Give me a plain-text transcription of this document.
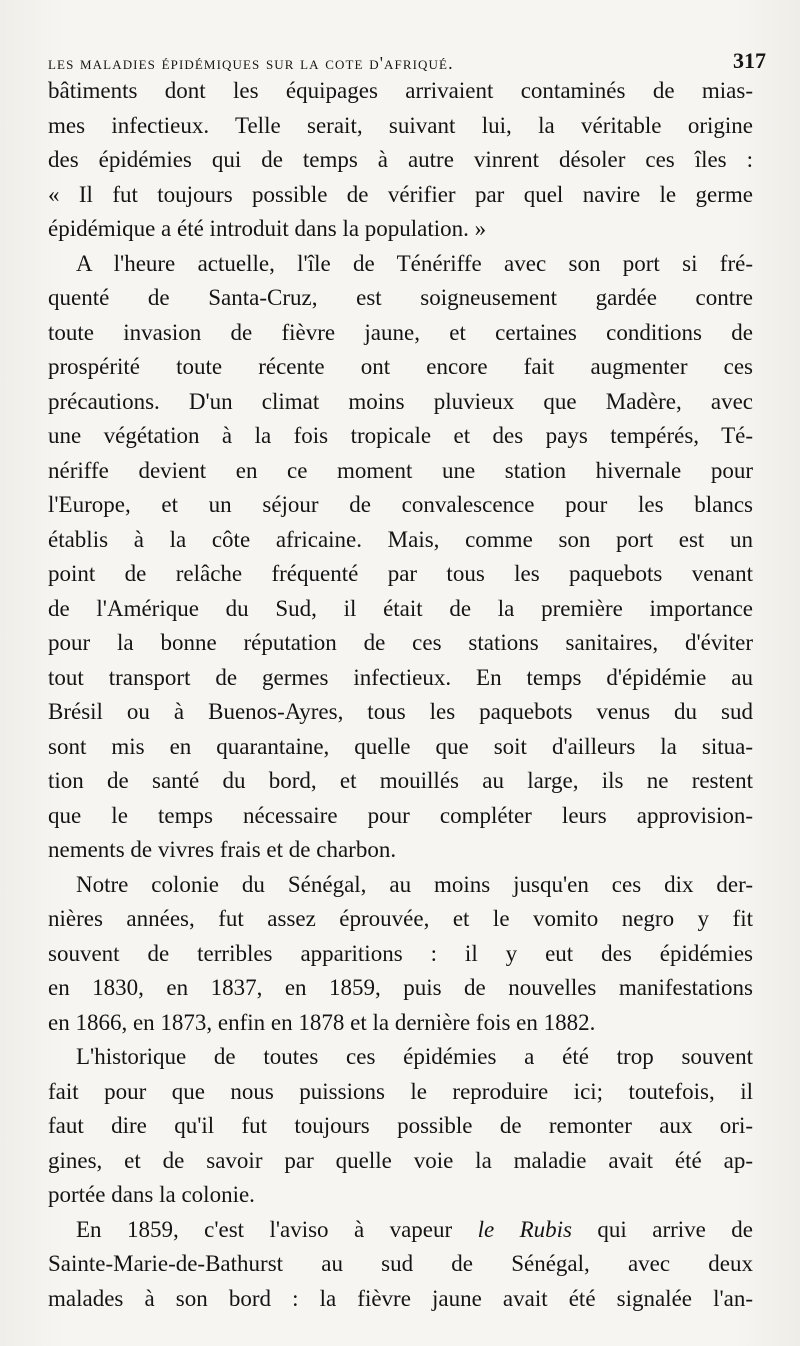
les maladies épidémiques sur la cote d'afriqué.	317
bâtiments dont les équipages arrivaient contaminés de mias-
mes infectieux. Telle serait, suivant lui, la véritable origine
des épidémies qui de temps à autre vinrent désoler ces îles :
« Il fut toujours possible de vérifier par quel navire le germe
épidémique a été introduit dans la population. »
A l'heure actuelle, l'île de Ténériffe avec son port si fré-
quenté de Santa-Cruz, est soigneusement gardée contre
toute invasion de fièvre jaune, et certaines conditions de
prospérité toute récente ont encore fait augmenter ces
précautions. D'un climat moins pluvieux que Madère, avec
une végétation à la fois tropicale et des pays tempérés, Té-
nériffe devient en ce moment une station hivernale pour
l'Europe, et un séjour de convalescence pour les blancs
établis à la côte africaine. Mais, comme son port est un
point de relâche fréquenté par tous les paquebots venant
de l'Amérique du Sud, il était de la première importance
pour la bonne réputation de ces stations sanitaires, d'éviter
tout transport de germes infectieux. En temps d'épidémie au
Brésil ou à Buenos-Ayres, tous les paquebots venus du sud
sont mis en quarantaine, quelle que soit d'ailleurs la situa-
tion de santé du bord, et mouillés au large, ils ne restent
que le temps nécessaire pour compléter leurs approvision-
nements de vivres frais et de charbon.
Notre colonie du Sénégal, au moins jusqu'en ces dix der-
nières années, fut assez éprouvée, et le vomito negro y fit
souvent de terribles apparitions : il y eut des épidémies
en 1830, en 1837, en 1859, puis de nouvelles manifestations
en 1866, en 1873, enfin en 1878 et la dernière fois en 1882.
L'historique de toutes ces épidémies a été trop souvent
fait pour que nous puissions le reproduire ici; toutefois, il
faut dire qu'il fut toujours possible de remonter aux ori-
gines, et de savoir par quelle voie la maladie avait été ap-
portée dans la colonie.
En 1859, c'est l'aviso à vapeur le Rubis qui arrive de
Sainte-Marie-de-Bathurst au sud de Sénégal, avec deux
malades à son bord : la fièvre jaune avait été signalée l'an-
